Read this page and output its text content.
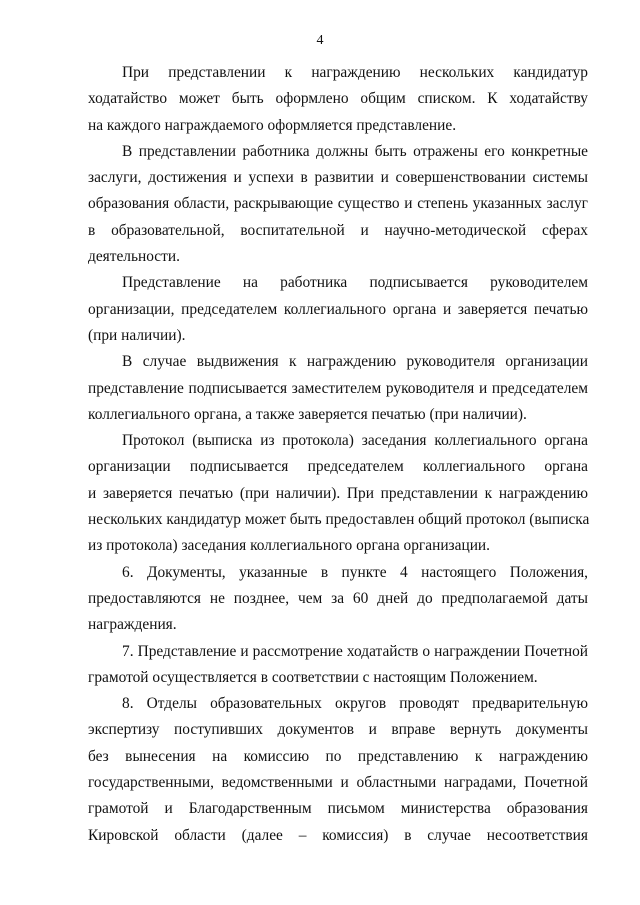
4
При представлении к награждению нескольких кандидатур
ходатайство может быть оформлено общим списком. К ходатайству
на каждого награждаемого оформляется представление.
В представлении работника должны быть отражены его конкретные
заслуги, достижения и успехи в развитии и совершенствовании системы
образования области, раскрывающие существо и степень указанных заслуг
в образовательной, воспитательной и научно-методической сферах
деятельности.
Представление на работника подписывается руководителем
организации, председателем коллегиального органа и заверяется печатью
(при наличии).
В случае выдвижения к награждению руководителя организации
представление подписывается заместителем руководителя и председателем
коллегиального органа, а также заверяется печатью (при наличии).
Протокол (выписка из протокола) заседания коллегиального органа
организации подписывается председателем коллегиального органа
и заверяется печатью (при наличии). При представлении к награждению
нескольких кандидатур может быть предоставлен общий протокол (выписка
из протокола) заседания коллегиального органа организации.
6. Документы, указанные в пункте 4 настоящего Положения,
предоставляются не позднее, чем за 60 дней до предполагаемой даты
награждения.
7. Представление и рассмотрение ходатайств о награждении Почетной
грамотой осуществляется в соответствии с настоящим Положением.
8. Отделы образовательных округов проводят предварительную
экспертизу поступивших документов и вправе вернуть документы
без вынесения на комиссию по представлению к награждению
государственными, ведомственными и областными наградами, Почетной
грамотой и Благодарственным письмом министерства образования
Кировской области (далее – комиссия) в случае несоответствия
